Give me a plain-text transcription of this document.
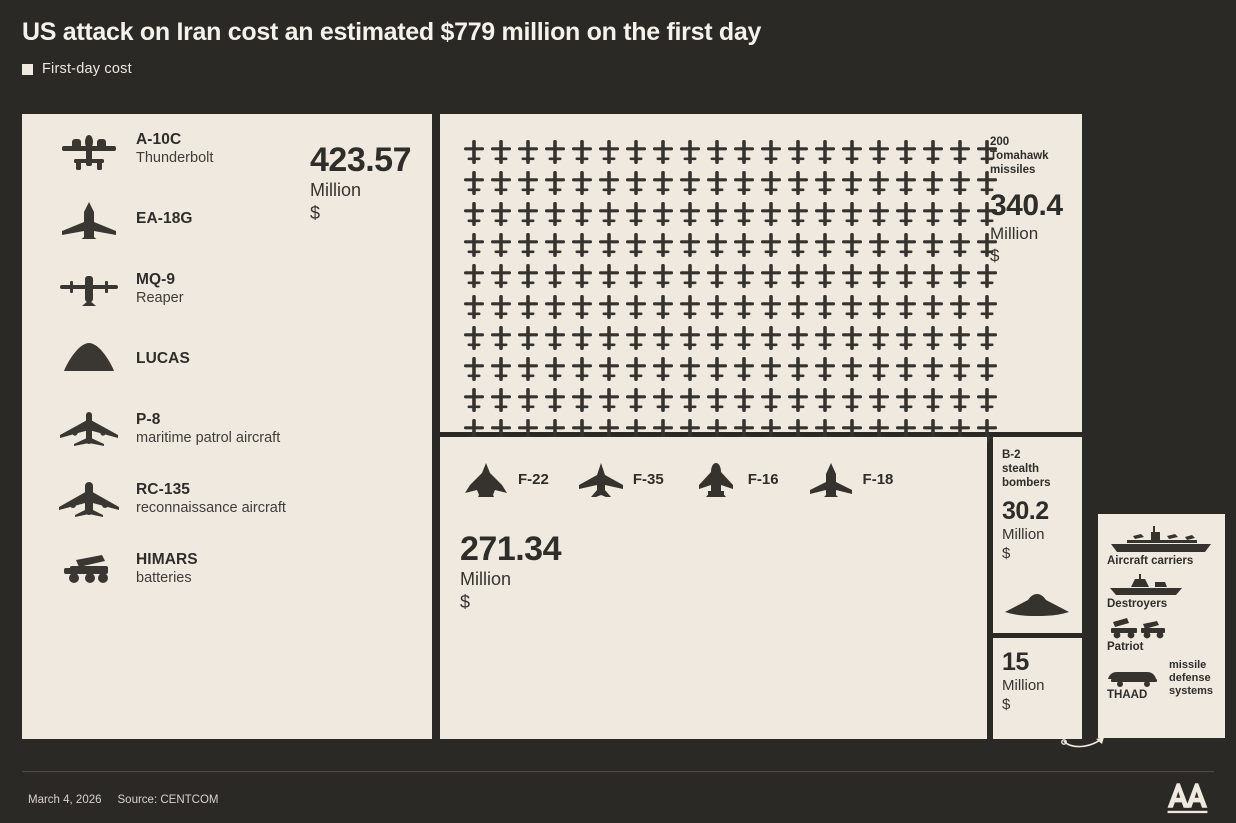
US attack on Iran cost an estimated $779 million on the first day
First-day cost
423.57
Million
$
A-10C
Thunderbolt
EA-18G
MQ-9
Reaper
LUCAS
P-8
maritime patrol aircraft
RC-135
reconnaissance aircraft
HIMARS
batteries
200
Tomahawk
missiles
340.4
Million
$
F-22	F-35	F-16	F-18
271.34
Million
$
B-2
stealth
bombers
30.2
Million
$
15
Million
$
Aircraft carriers
Destroyers
Patriot
THAAD
missile
defense
systems
March 4, 2026 Source: CENTCOM
